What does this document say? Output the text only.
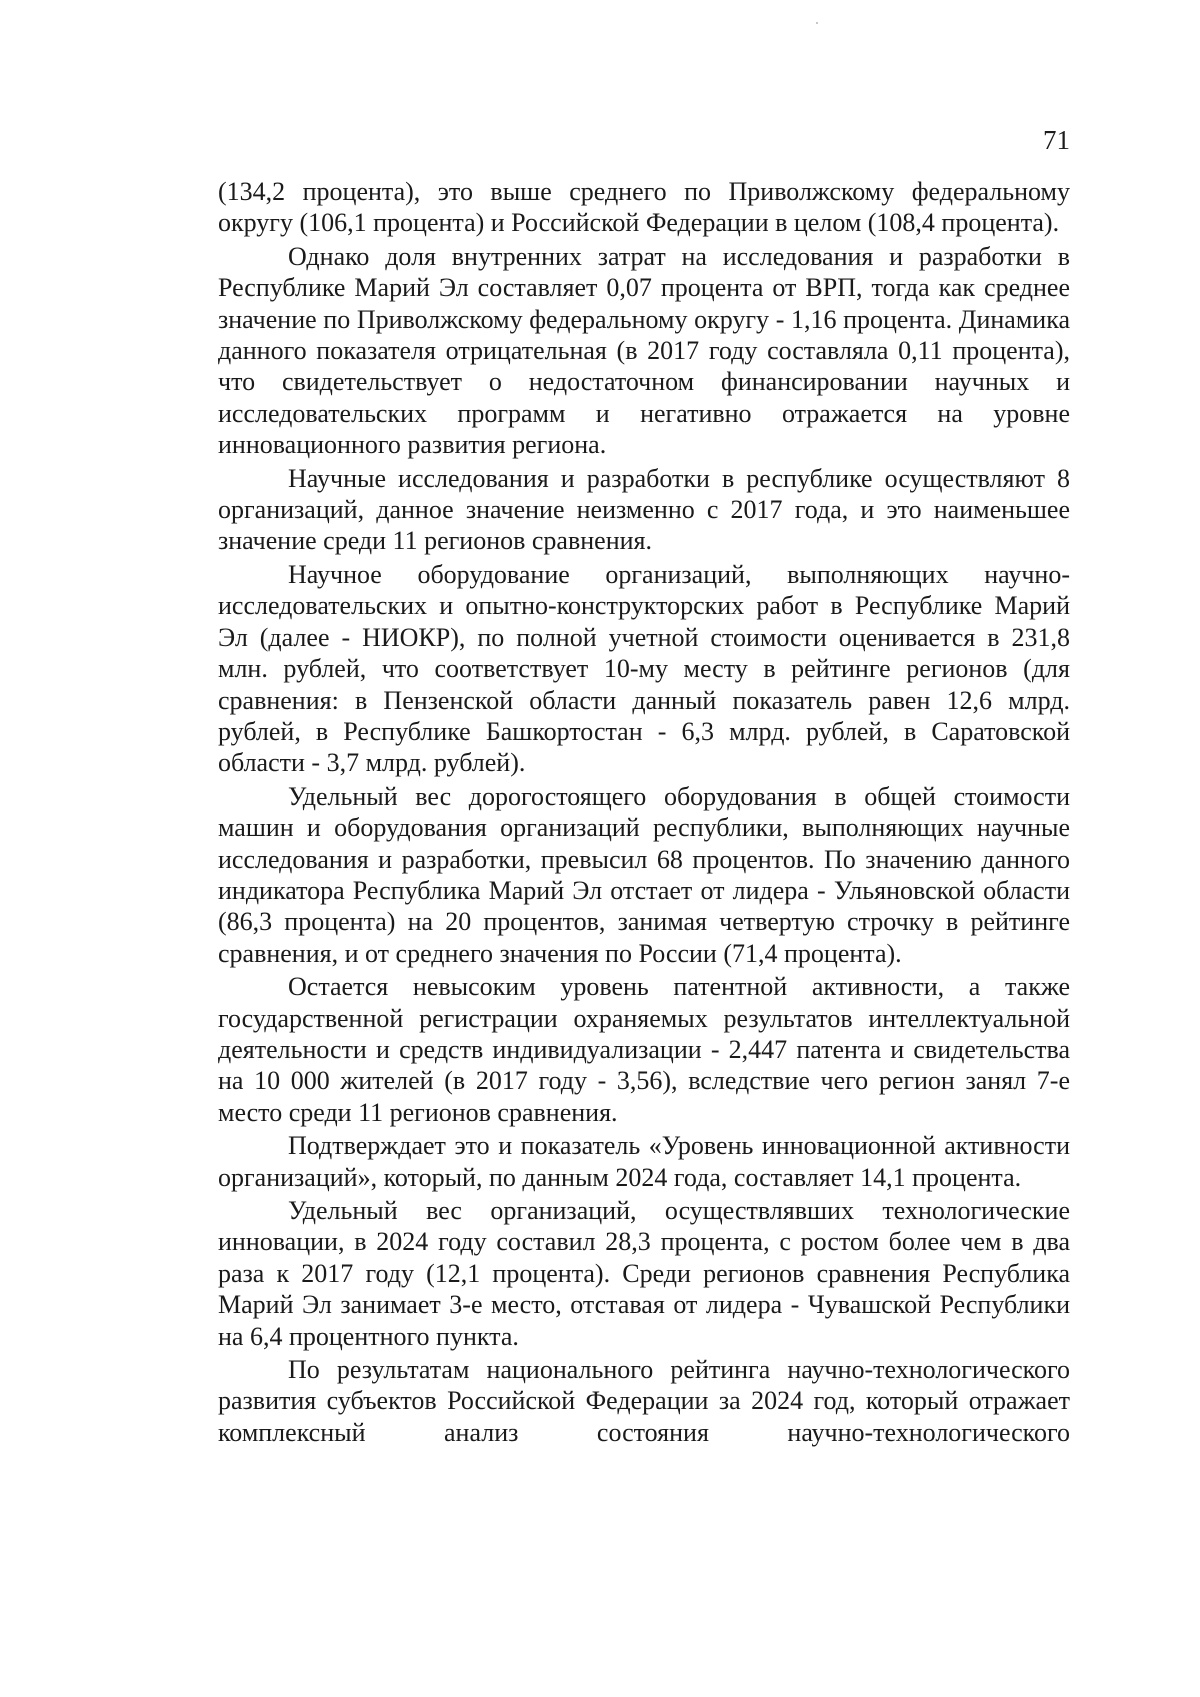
71

(134,2 процента), это выше среднего по Приволжскому федеральному округу (106,1 процента) и Российской Федерации в целом (108,4 процента).

Однако доля внутренних затрат на исследования и разработки в Республике Марий Эл составляет 0,07 процента от ВРП, тогда как среднее значение по Приволжскому федеральному округу - 1,16 процента. Динамика данного показателя отрицательная (в 2017 году составляла 0,11 процента), что свидетельствует о недостаточном финансировании научных и исследовательских программ и негативно отражается на уровне инновационного развития региона.

Научные исследования и разработки в республике осуществляют 8 организаций, данное значение неизменно с 2017 года, и это наименьшее значение среди 11 регионов сравнения.

Научное оборудование организаций, выполняющих научно-исследовательских и опытно-конструкторских работ в Республике Марий Эл (далее - НИОКР), по полной учетной стоимости оценивается в 231,8 млн. рублей, что соответствует 10-му месту в рейтинге регионов (для сравнения: в Пензенской области данный показатель равен 12,6 млрд. рублей, в Республике Башкортостан - 6,3 млрд. рублей, в Саратовской области - 3,7 млрд. рублей).

Удельный вес дорогостоящего оборудования в общей стоимости машин и оборудования организаций республики, выполняющих научные исследования и разработки, превысил 68 процентов. По значению данного индикатора Республика Марий Эл отстает от лидера - Ульяновской области (86,3 процента) на 20 процентов, занимая четвертую строчку в рейтинге сравнения, и от среднего значения по России (71,4 процента).

Остается невысоким уровень патентной активности, а также государственной регистрации охраняемых результатов интеллектуальной деятельности и средств индивидуализации - 2,447 патента и свидетельства на 10 000 жителей (в 2017 году - 3,56), вследствие чего регион занял 7-е место среди 11 регионов сравнения.

Подтверждает это и показатель «Уровень инновационной активности организаций», который, по данным 2024 года, составляет 14,1 процента.

Удельный вес организаций, осуществлявших технологические инновации, в 2024 году составил 28,3 процента, с ростом более чем в два раза к 2017 году (12,1 процента). Среди регионов сравнения Республика Марий Эл занимает 3-е место, отставая от лидера - Чувашской Республики на 6,4 процентного пункта.

По результатам национального рейтинга научно-технологического развития субъектов Российской Федерации за 2024 год, который отражает комплексный анализ состояния научно-технологического
